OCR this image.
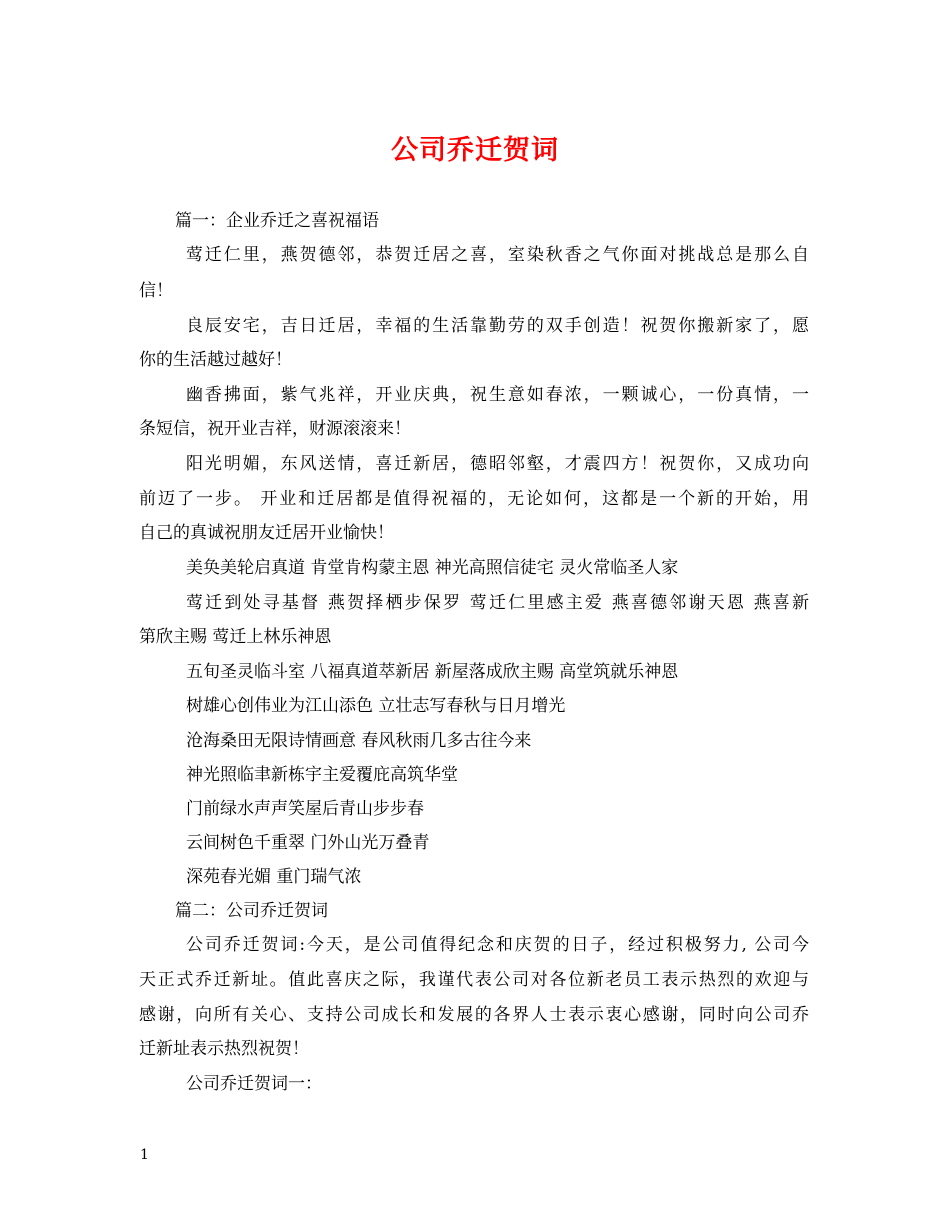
公司乔迁贺词
篇一：企业乔迁之喜祝福语
莺迁仁里，燕贺德邻，恭贺迁居之喜，室染秋香之气你面对挑战总是那么自
信！
良辰安宅，吉日迁居，幸福的生活靠勤劳的双手创造！祝贺你搬新家了，愿
你的生活越过越好！
幽香拂面，紫气兆祥，开业庆典，祝生意如春浓，一颗诚心，一份真情，一
条短信，祝开业吉祥，财源滚滚来！
阳光明媚，东风送情，喜迁新居，德昭邻壑，才震四方！祝贺你，又成功向
前迈了一步。 开业和迁居都是值得祝福的，无论如何，这都是一个新的开始，用
自己的真诚祝朋友迁居开业愉快！
美奂美轮启真道 肯堂肯构蒙主恩 神光高照信徒宅 灵火常临圣人家
莺迁到处寻基督 燕贺择栖步保罗 莺迁仁里感主爱 燕喜德邻谢天恩 燕喜新
第欣主赐 莺迁上林乐神恩
五旬圣灵临斗室 八福真道萃新居 新屋落成欣主赐 高堂筑就乐神恩
树雄心创伟业为江山添色 立壮志写春秋与日月增光
沧海桑田无限诗情画意 春风秋雨几多古往今来
神光照临聿新栋宇主爱覆庇高筑华堂
门前绿水声声笑屋后青山步步春
云间树色千重翠 门外山光万叠青
深苑春光媚 重门瑞气浓
篇二：公司乔迁贺词
公司乔迁贺词:今天，是公司值得纪念和庆贺的日子，经过积极努力, 公司今
天正式乔迁新址。值此喜庆之际，我谨代表公司对各位新老员工表示热烈的欢迎与
感谢，向所有关心、支持公司成长和发展的各界人士表示衷心感谢，同时向公司乔
迁新址表示热烈祝贺！
公司乔迁贺词一：
1
